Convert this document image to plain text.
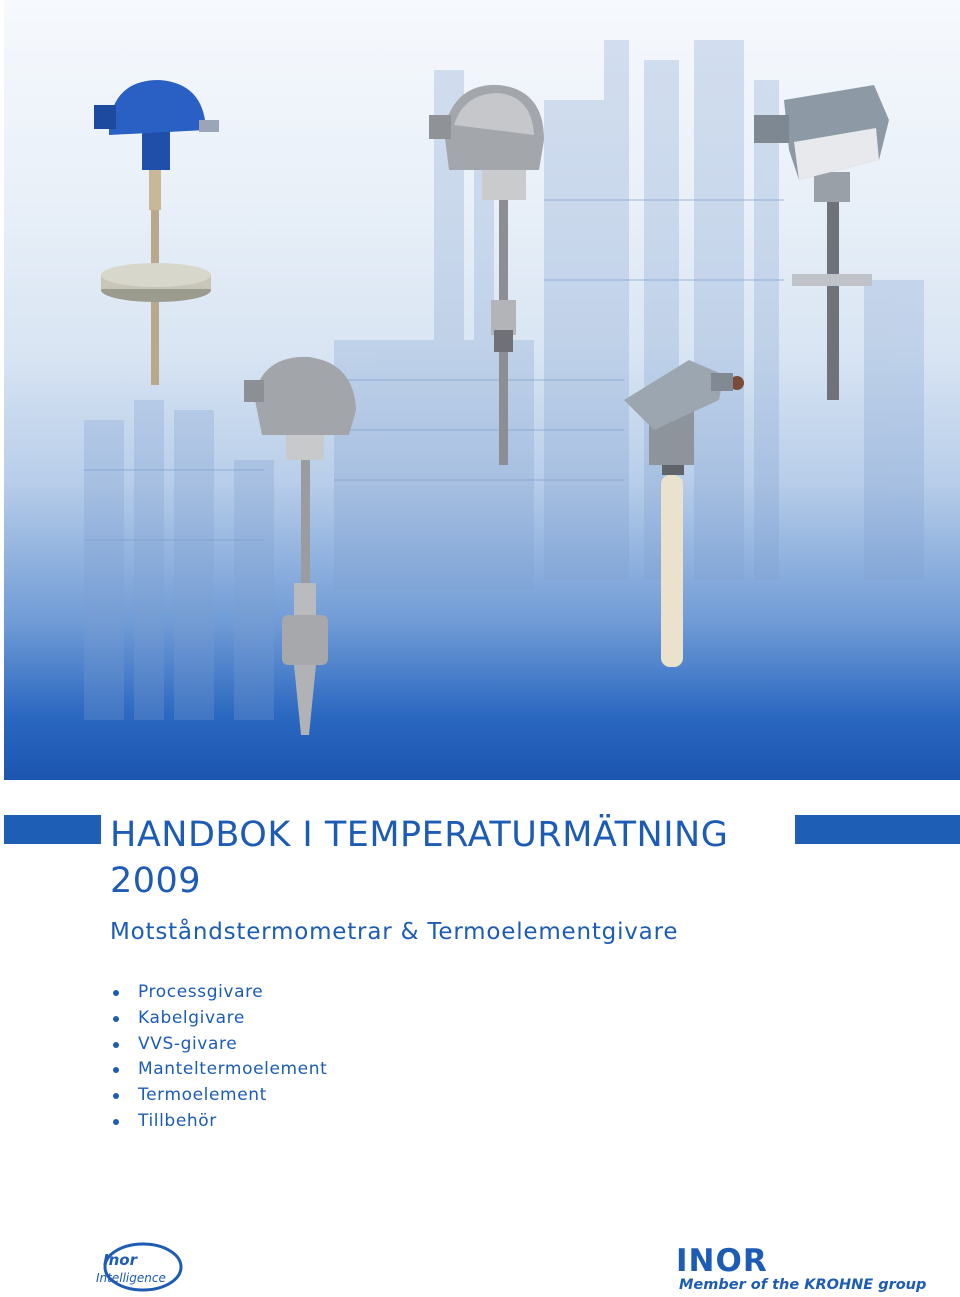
HANDBOK I TEMPERATURMÄTNING
2009
Motståndstermometrar & Termoelementgivare
Processgivare
Kabelgivare
VVS-givare
Manteltermoelement
Termoelement
Tillbehör
Inor
Intelligence	INOR
Member of the KROHNE group
